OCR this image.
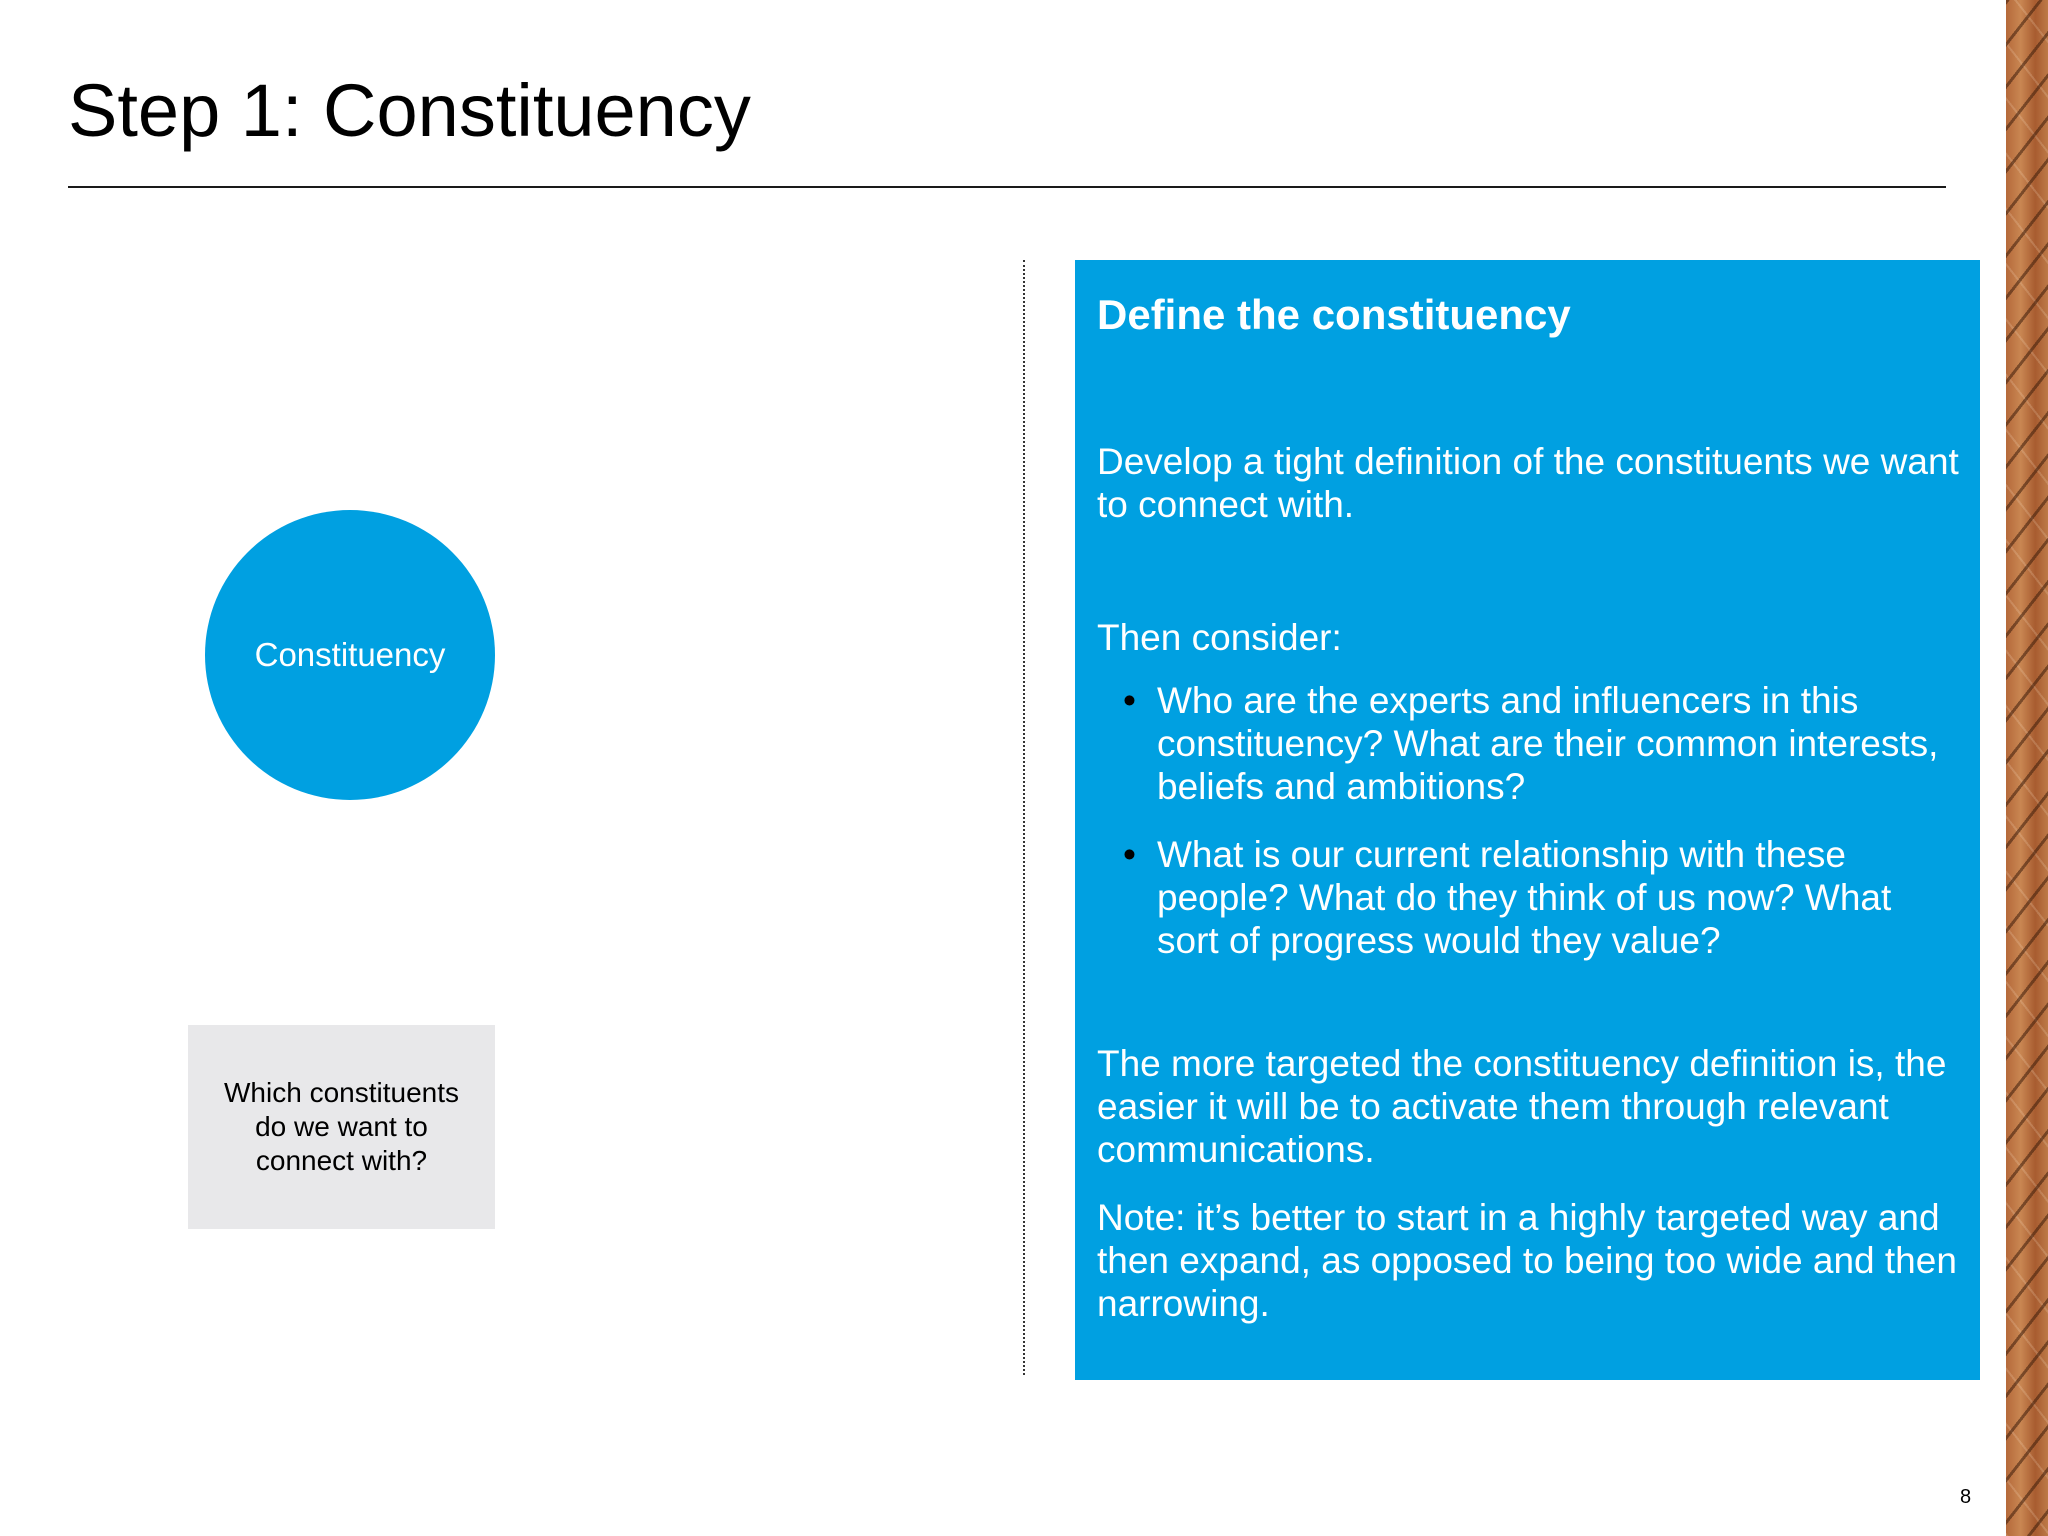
Step 1: Constituency
Constituency
Which constituents do we want to connect with?
Define the constituency

Develop a tight definition of the constituents we want to connect with.

Then consider:

• Who are the experts and influencers in this constituency? What are their common interests, beliefs and ambitions?
• What is our current relationship with these people? What do they think of us now? What sort of progress would they value?

The more targeted the constituency definition is, the easier it will be to activate them through relevant communications.

Note: it’s better to start in a highly targeted way and then expand, as opposed to being too wide and then narrowing.

8
